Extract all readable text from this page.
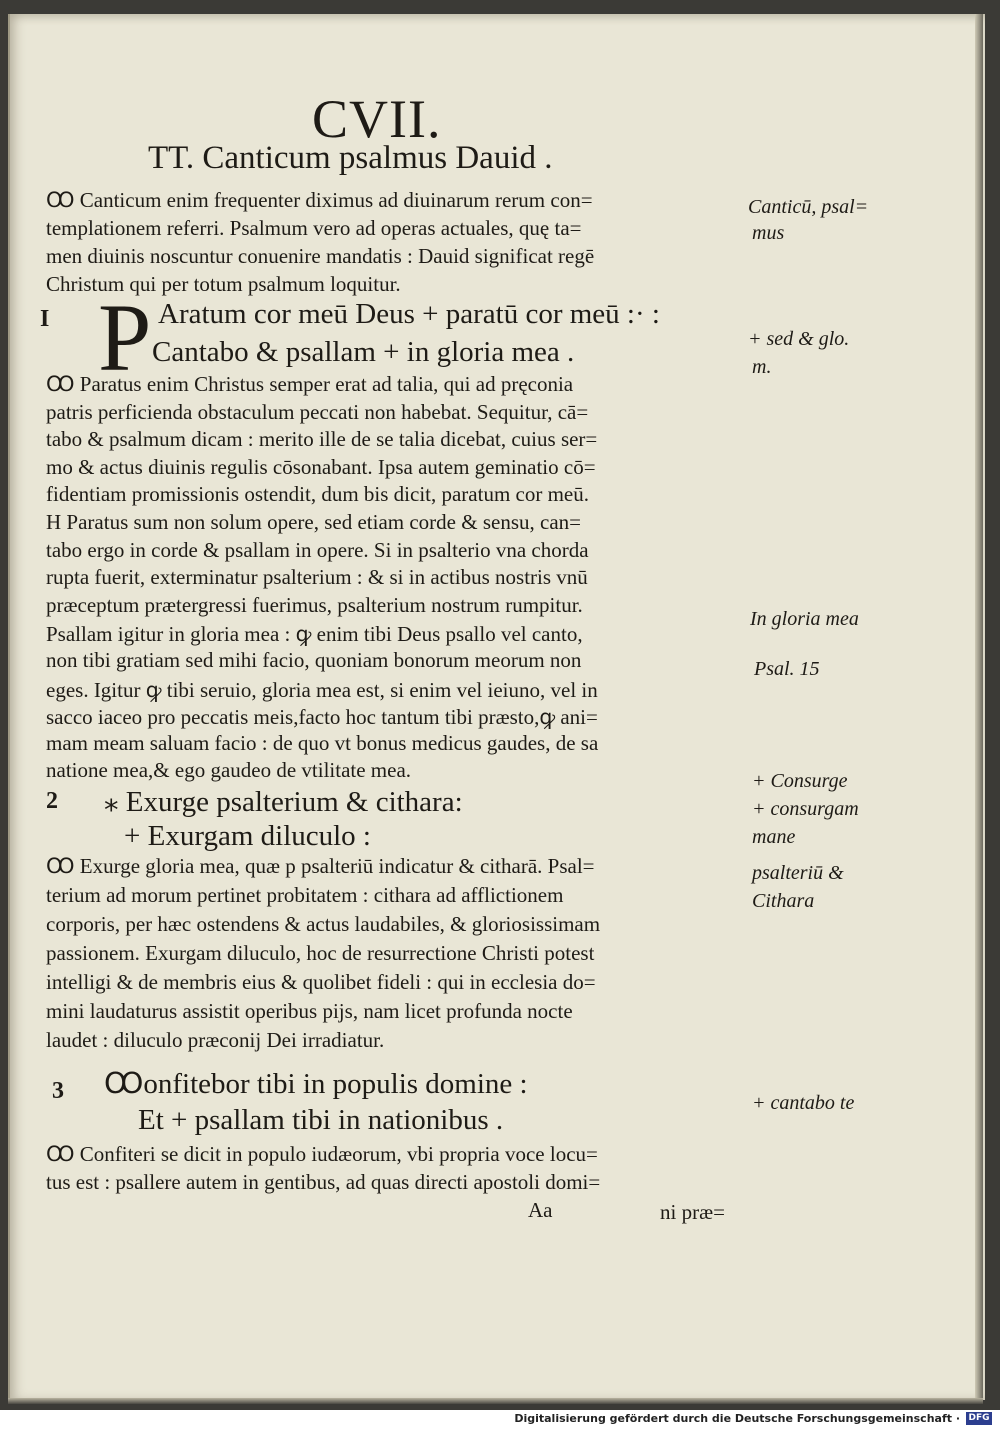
CVII.
TT. Canticum psalmus Dauid .
Ꝏ Canticum enim frequenter diximus ad diuinarum rerum con=
templationem referri. Psalmum vero ad operas actuales, quę ta=
men diuinis noscuntur conuenire mandatis : Dauid significat regē
Christum qui per totum psalmum loquitur.
I P Aratum cor meū Deus + paratū cor meū :· :
Cantabo & psallam + in gloria mea .
Ꝏ Paratus enim Christus semper erat ad talia, qui ad pręconia
patris perficienda obstaculum peccati non habebat. Sequitur, cā=
tabo & psalmum dicam : merito ille de se talia dicebat, cuius ser=
mo & actus diuinis regulis cōsonabant. Ipsa autem geminatio cō=
fidentiam promissionis ostendit, dum bis dicit, paratum cor meū.
H Paratus sum non solum opere, sed etiam corde & sensu, can=
tabo ergo in corde & psallam in opere. Si in psalterio vna chorda
rupta fuerit, exterminatur psalterium : & si in actibus nostris vnū
præceptum prætergressi fuerimus, psalterium nostrum rumpitur.
Psallam igitur in gloria mea : ꝙ enim tibi Deus psallo vel canto,
non tibi gratiam sed mihi facio, quoniam bonorum meorum non
eges. Igitur ꝙ tibi seruio, gloria mea est, si enim vel ieiuno, vel in
sacco iaceo pro peccatis meis,facto hoc tantum tibi præsto,ꝙ ani=
mam meam saluam facio : de quo vt bonus medicus gaudes, de sa
natione mea,& ego gaudeo de vtilitate mea.
2 ⁎ Exurge psalterium & cithara:
+ Exurgam diluculo :
Ꝏ Exurge gloria mea, quæ p psalteriū indicatur & citharā. Psal=
terium ad morum pertinet probitatem : cithara ad afflictionem
corporis, per hæc ostendens & actus laudabiles, & gloriosissimam
passionem. Exurgam diluculo, hoc de resurrectione Christi potest
intelligi & de membris eius & quolibet fideli : qui in ecclesia do=
mini laudaturus assistit operibus pijs, nam licet profunda nocte
laudet : diluculo præconij Dei irradiatur.
3 Ꝏonfitebor tibi in populis domine :
Et + psallam tibi in nationibus .
Ꝏ Confiteri se dicit in populo iudæorum, vbi propria voce locu=
tus est : psallere autem in gentibus, ad quas directi apostoli domi=
Aa	ni præ=
Canticū, psal=
mus
+ sed & glo.
m.
In gloria mea
Psal. 15
+ Consurge
+ consurgam
mane
psalteriū &
Cithara
+ cantabo te
Digitalisierung gefördert durch die Deutsche Forschungsgemeinschaft · DFG
